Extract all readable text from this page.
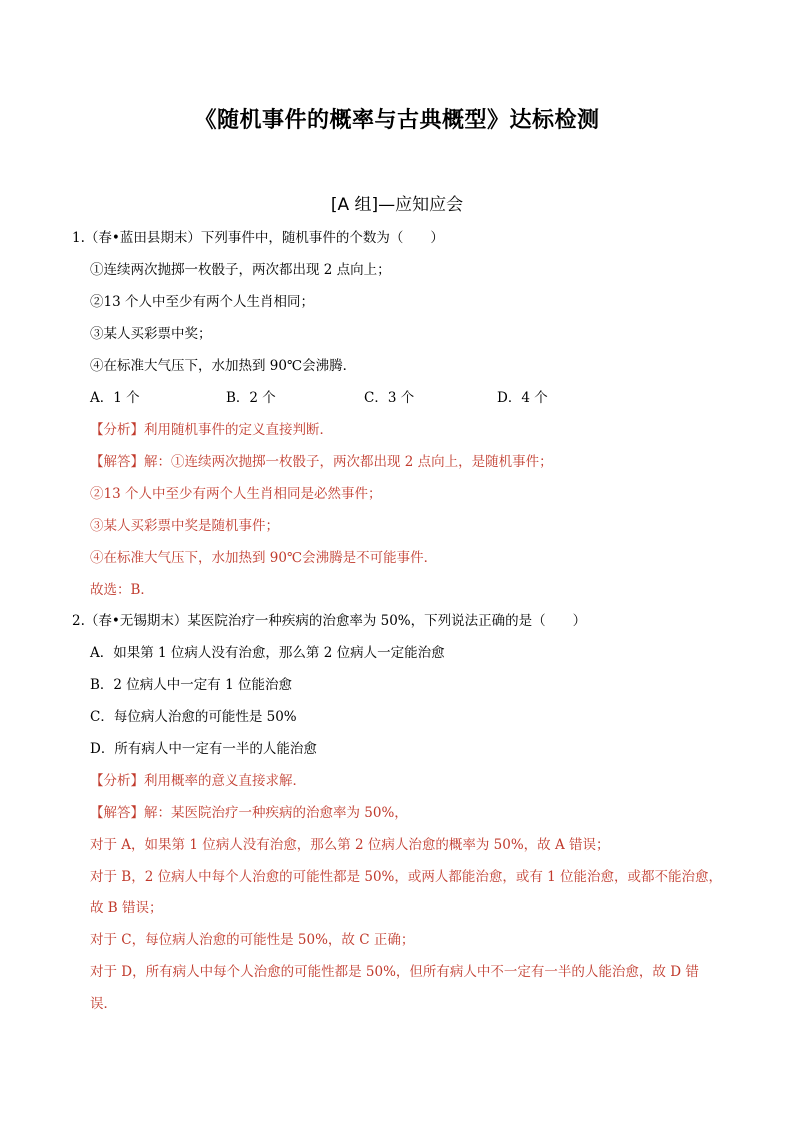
《随机事件的概率与古典概型》达标检测
[A 组]—应知应会
1.（春•蓝田县期末）下列事件中，随机事件的个数为（　　）
①连续两次抛掷一枚骰子，两次都出现 2 点向上；
②13 个人中至少有两个人生肖相同；
③某人买彩票中奖；
④在标准大气压下，水加热到 90℃会沸腾．
A．1 个	B．2 个	C．3 个	D．4 个
【分析】利用随机事件的定义直接判断．
【解答】解：①连续两次抛掷一枚骰子，两次都出现 2 点向上，是随机事件；
②13 个人中至少有两个人生肖相同是必然事件；
③某人买彩票中奖是随机事件；
④在标准大气压下，水加热到 90℃会沸腾是不可能事件．
故选：B．
2.（春•无锡期末）某医院治疗一种疾病的治愈率为 50%，下列说法正确的是（　　）
A．如果第 1 位病人没有治愈，那么第 2 位病人一定能治愈
B．2 位病人中一定有 1 位能治愈
C．每位病人治愈的可能性是 50%
D．所有病人中一定有一半的人能治愈
【分析】利用概率的意义直接求解．
【解答】解：某医院治疗一种疾病的治愈率为 50%，
对于 A，如果第 1 位病人没有治愈，那么第 2 位病人治愈的概率为 50%，故 A 错误；
对于 B，2 位病人中每个人治愈的可能性都是 50%，或两人都能治愈，或有 1 位能治愈，或都不能治愈，
故 B 错误；
对于 C，每位病人治愈的可能性是 50%，故 C 正确；
对于 D，所有病人中每个人治愈的可能性都是 50%，但所有病人中不一定有一半的人能治愈，故 D 错
误．
